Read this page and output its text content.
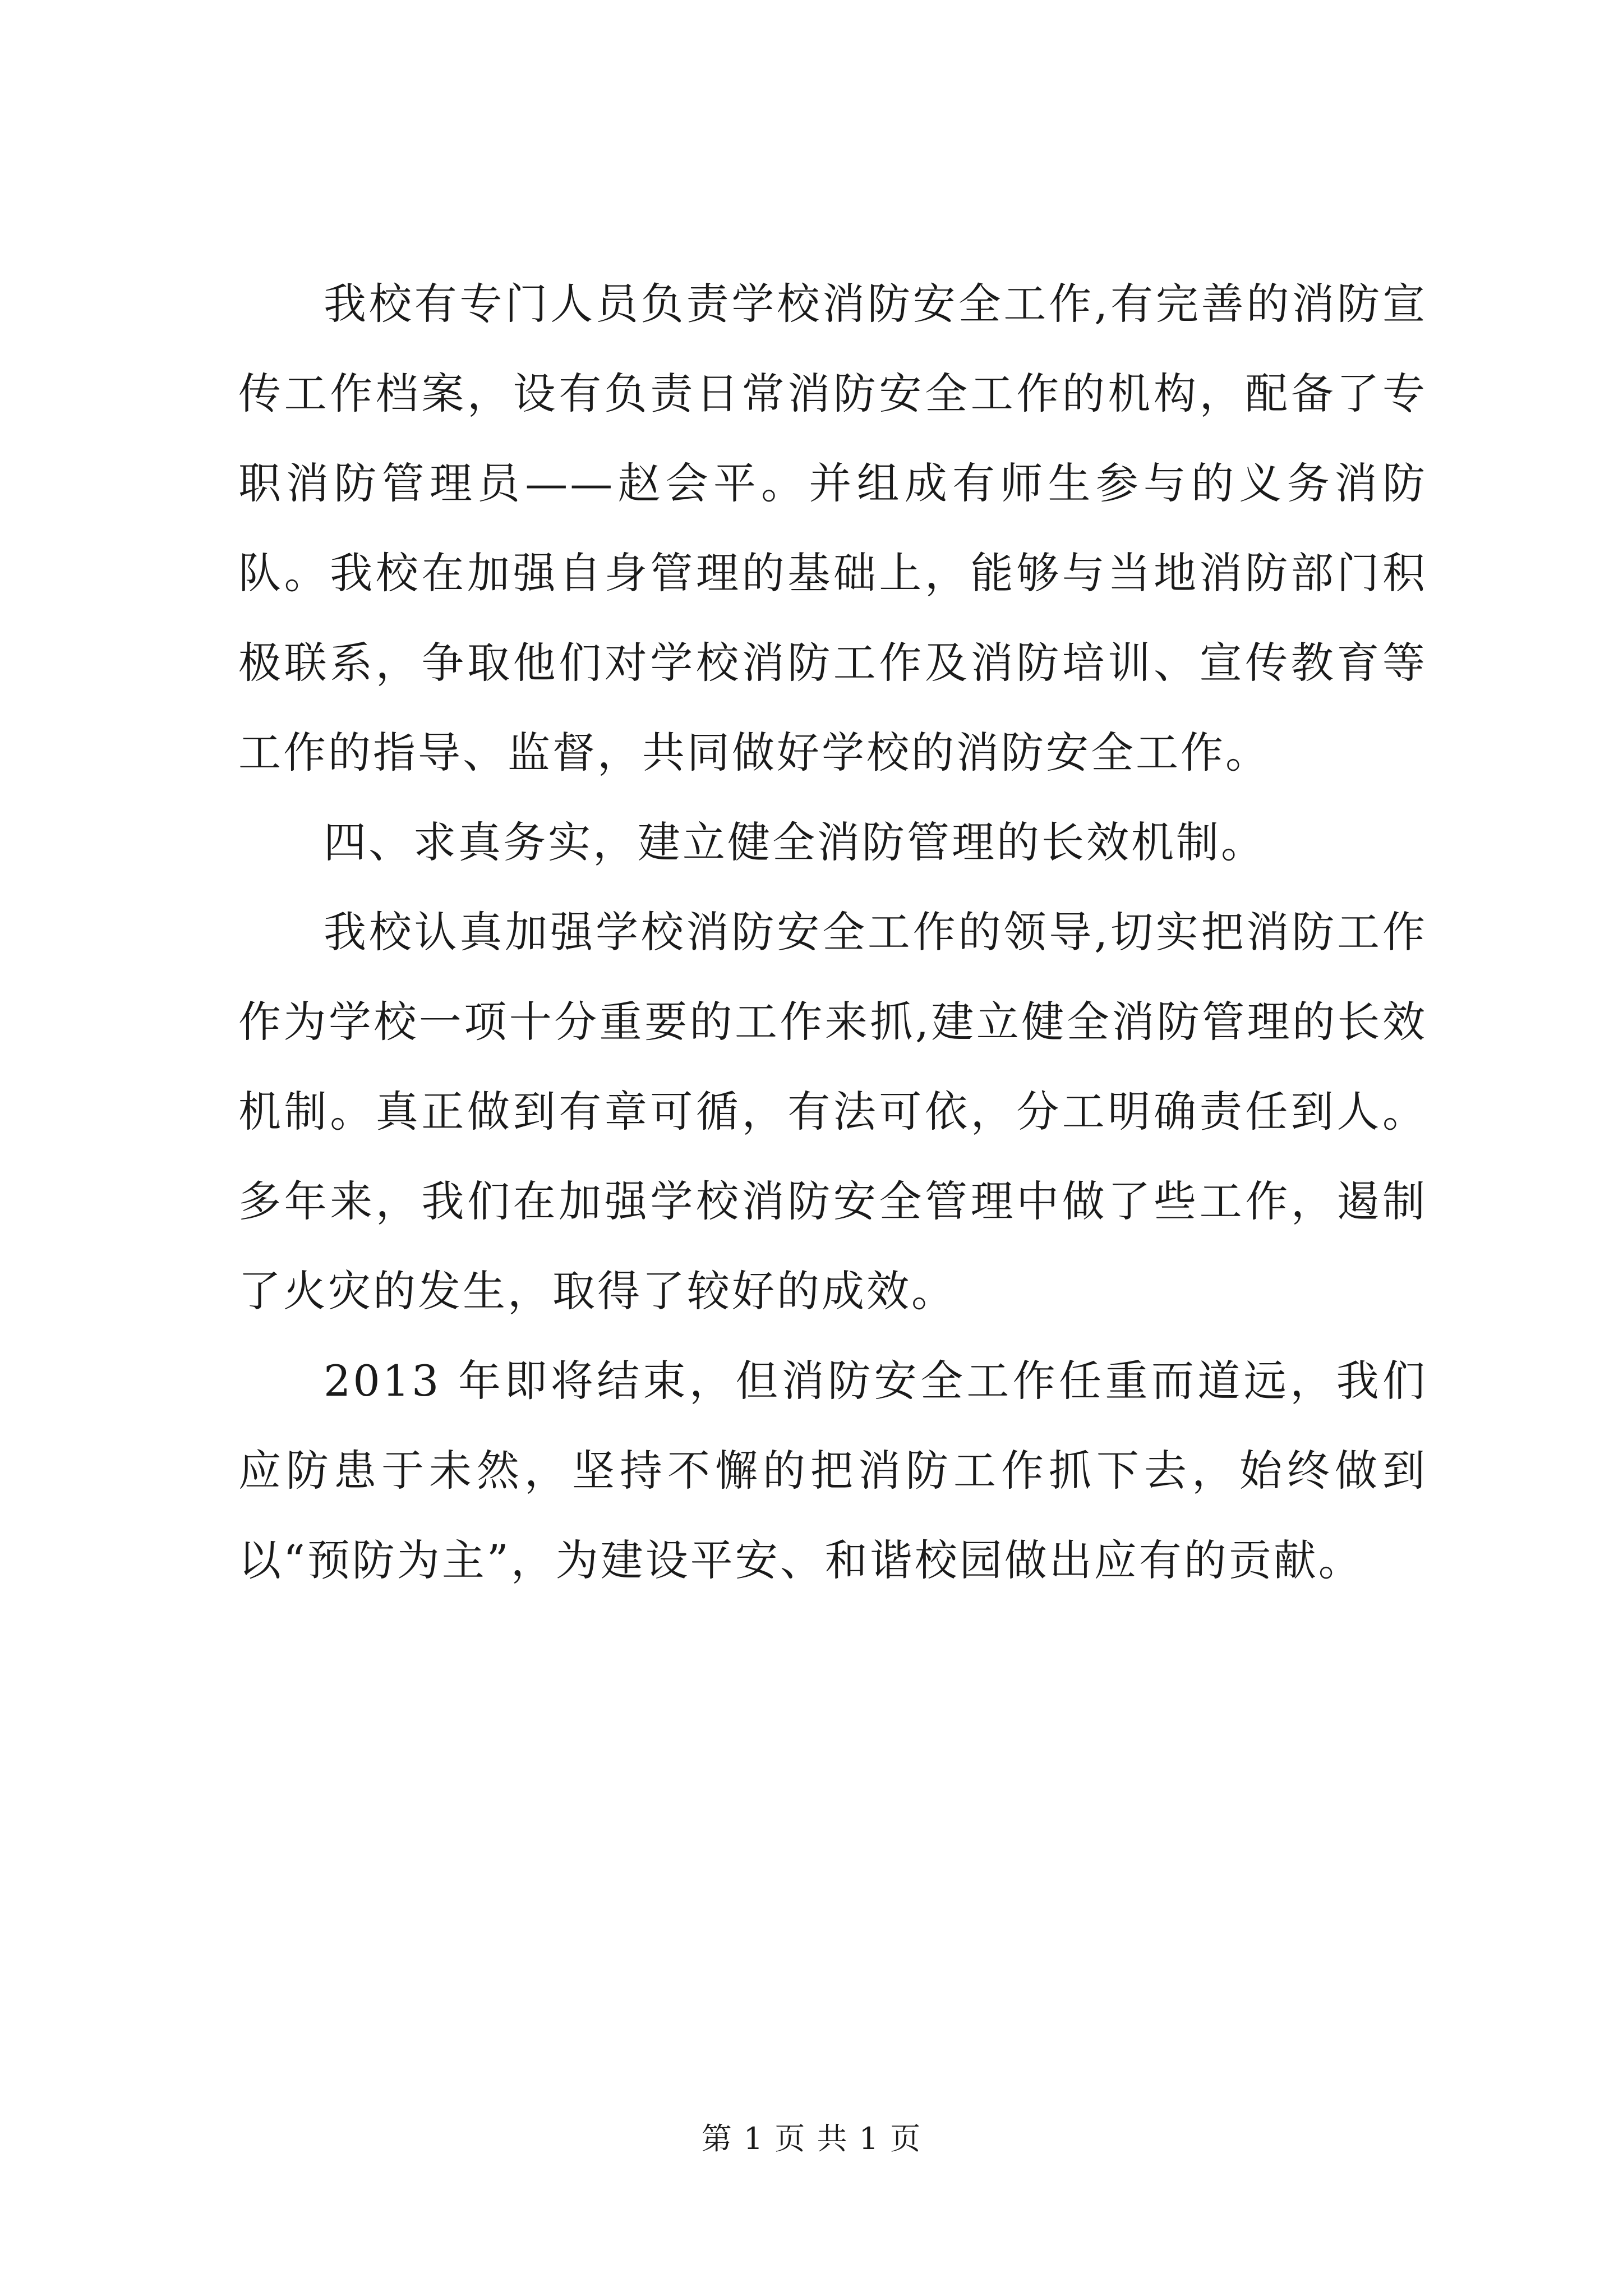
我校有专门人员负责学校消防安全工作,有完善的消防宣传工作档案，设有负责日常消防安全工作的机构，配备了专职消防管理员——赵会平。并组成有师生参与的义务消防队。我校在加强自身管理的基础上，能够与当地消防部门积极联系，争取他们对学校消防工作及消防培训、宣传教育等工作的指导、监督，共同做好学校的消防安全工作。

四、求真务实，建立健全消防管理的长效机制。

我校认真加强学校消防安全工作的领导,切实把消防工作作为学校一项十分重要的工作来抓,建立健全消防管理的长效机制。真正做到有章可循，有法可依，分工明确责任到人。多年来，我们在加强学校消防安全管理中做了些工作，遏制了火灾的发生，取得了较好的成效。

2013 年即将结束，但消防安全工作任重而道远，我们应防患于未然，坚持不懈的把消防工作抓下去，始终做到以“预防为主”，为建设平安、和谐校园做出应有的贡献。

第 1 页 共 1 页
